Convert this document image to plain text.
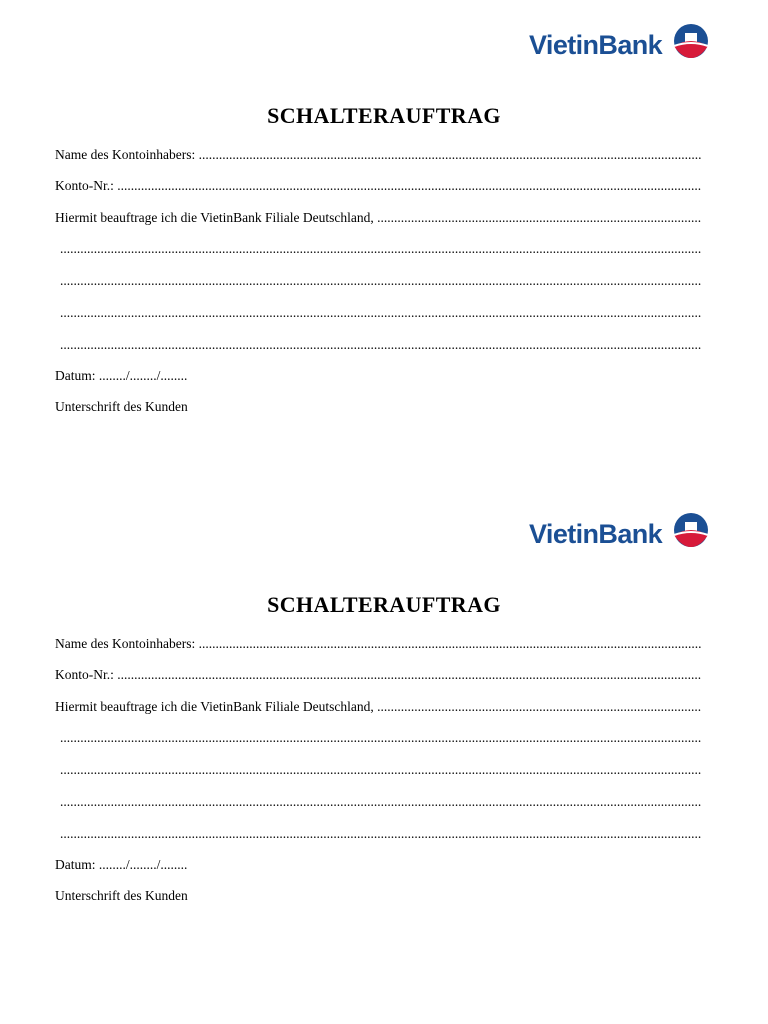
VietinBank
SCHALTERAUFTRAG
Name des Kontoinhabers:
.....
Konto-Nr.:
.....
Hiermit beauftrage ich die VietinBank Filiale Deutschland,
.....
.....
.....
.....
.....
Datum: ......../......../........
Unterschrift des Kunden
VietinBank
SCHALTERAUFTRAG
Name des Kontoinhabers:
.....
Konto-Nr.:
.....
Hiermit beauftrage ich die VietinBank Filiale Deutschland,
.....
.....
.....
.....
.....
Datum: ......../......../........
Unterschrift des Kunden
